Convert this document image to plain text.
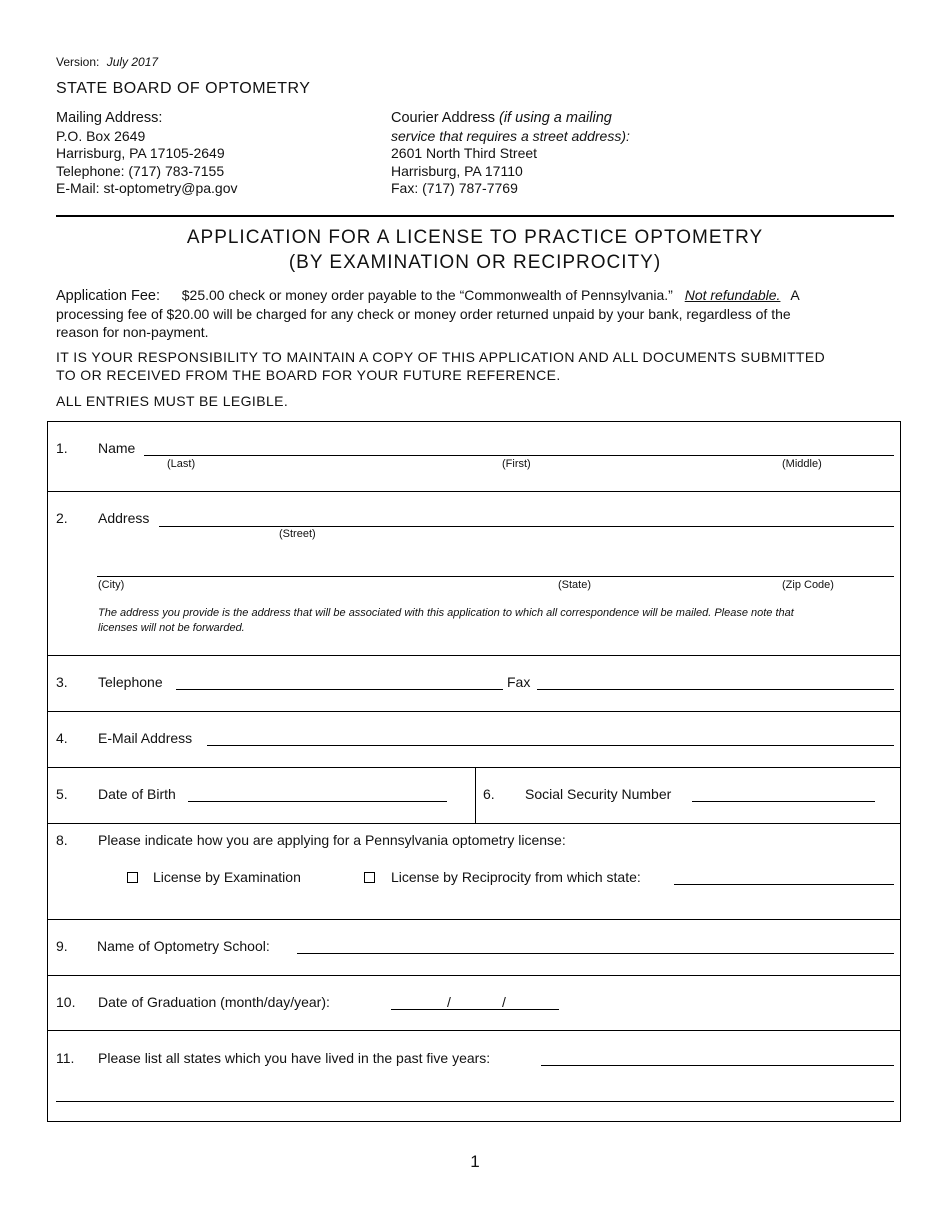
Version: July 2017
STATE BOARD OF OPTOMETRY
Mailing Address:
P.O. Box 2649
Harrisburg, PA 17105-2649
Telephone: (717) 783-7155
E-Mail: st-optometry@pa.gov
Courier Address (if using a mailing
service that requires a street address):
2601 North Third Street
Harrisburg, PA 17110
Fax: (717) 787-7769
APPLICATION FOR A LICENSE TO PRACTICE OPTOMETRY
(BY EXAMINATION OR RECIPROCITY)
Application Fee: $25.00 check or money order payable to the “Commonwealth of Pennsylvania.” Not refundable. A
processing fee of $20.00 will be charged for any check or money order returned unpaid by your bank, regardless of the
reason for non-payment.
IT IS YOUR RESPONSIBILITY TO MAINTAIN A COPY OF THIS APPLICATION AND ALL DOCUMENTS SUBMITTED
TO OR RECEIVED FROM THE BOARD FOR YOUR FUTURE REFERENCE.
ALL ENTRIES MUST BE LEGIBLE.
1. Name
(Last)	(First)	(Middle)
2. Address
(Street)
(City)	(State)	(Zip Code)
The address you provide is the address that will be associated with this application to which all correspondence will be mailed. Please note that
licenses will not be forwarded.
3. Telephone	Fax
4. E-Mail Address
5. Date of Birth	6. Social Security Number
8. Please indicate how you are applying for a Pennsylvania optometry license:
License by Examination	License by Reciprocity from which state:
9. Name of Optometry School:
10. Date of Graduation (month/day/year):	/	/
11. Please list all states which you have lived in the past five years:
1
